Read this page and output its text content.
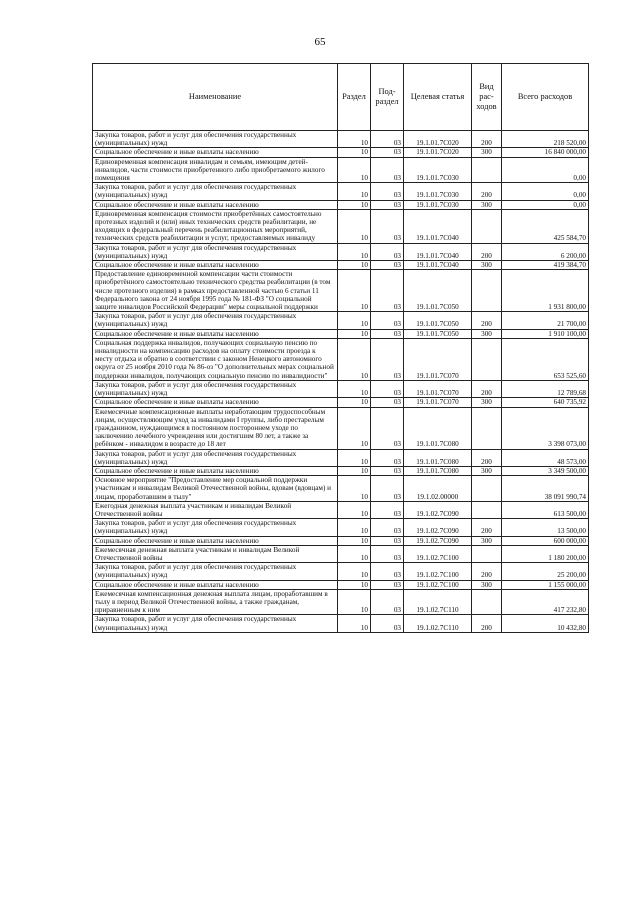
65
Наименование	Раздел	Под-раздел	Целевая статья	Вид рас-ходов	Всего расходов
Закупка товаров, работ и услуг для обеспечения государственных (муниципальных) нужд	10	03	19.1.01.7С020	200	218 520,00
Социальное обеспечение и иные выплаты населению	10	03	19.1.01.7С020	300	16 840 000,00
Единовременная компенсация инвалидам и семьям, имеющим детей-инвалидов, части стоимости приобретенного либо приобретаемого жилого помещения	10	03	19.1.01.7С030		0,00
Закупка товаров, работ и услуг для обеспечения государственных (муниципальных) нужд	10	03	19.1.01.7С030	200	0,00
Социальное обеспечение и иные выплаты населению	10	03	19.1.01.7С030	300	0,00
Единовременная компенсация стоимости приобретённых самостоятельно протезных изделий и (или) иных технических средств реабилитации, не входящих в федеральный перечень реабилитационных мероприятий, технических средств реабилитации и услуг, предоставляемых инвалиду	10	03	19.1.01.7С040		425 584,70
Закупка товаров, работ и услуг для обеспечения государственных (муниципальных) нужд	10	03	19.1.01.7С040	200	6 200,00
Социальное обеспечение и иные выплаты населению	10	03	19.1.01.7С040	300	419 384,70
Предоставление единовременной компенсации части стоимости приобретённого самостоятельно технического средства реабилитации (в том числе протезного изделия) в рамках предоставленной частью 6 статьи 11 Федерального закона от 24 ноября 1995 года № 181-ФЗ "О социальной защите инвалидов Российской Федерации" меры социальной поддержки	10	03	19.1.01.7С050		1 931 800,00
Закупка товаров, работ и услуг для обеспечения государственных (муниципальных) нужд	10	03	19.1.01.7С050	200	21 700,00
Социальное обеспечение и иные выплаты населению	10	03	19.1.01.7С050	300	1 910 100,00
Социальная поддержка инвалидов, получающих социальную пенсию по инвалидности на компенсацию расходов на оплату стоимости проезда к месту отдыха и обратно в соответствии с законом Ненецкого автономного округа от 25 ноября 2010 года № 86-оз "О дополнительных мерах социальной поддержки инвалидов, получающих социальную пенсию по инвалидности"	10	03	19.1.01.7С070		653 525,60
Закупка товаров, работ и услуг для обеспечения государственных (муниципальных) нужд	10	03	19.1.01.7С070	200	12 789,68
Социальное обеспечение и иные выплаты населению	10	03	19.1.01.7С070	300	640 735,92
Ежемесячные компенсационные выплаты неработающим трудоспособным лицам, осуществляющим уход за инвалидами I группы, либо престарелым гражданином, нуждающимся в постоянном постороннем уходе по заключению лечебного учреждения или достигшим 80 лет, а также за ребёнком - инвалидом в возрасте до 18 лет	10	03	19.1.01.7С080		3 398 073,00
Закупка товаров, работ и услуг для обеспечения государственных (муниципальных) нужд	10	03	19.1.01.7С080	200	48 573,00
Социальное обеспечение и иные выплаты населению	10	03	19.1.01.7С080	300	3 349 500,00
Основное мероприятие "Предоставление мер социальной поддержки участникам и инвалидам Великой Отечественной войны, вдовам (вдовцам) и лицам, проработавшим в тылу"	10	03	19.1.02.00000		38 091 990,74
Ежегодная денежная выплата участникам и инвалидам Великой Отечественной войны	10	03	19.1.02.7С090		613 500,00
Закупка товаров, работ и услуг для обеспечения государственных (муниципальных) нужд	10	03	19.1.02.7С090	200	13 500,00
Социальное обеспечение и иные выплаты населению	10	03	19.1.02.7С090	300	600 000,00
Ежемесячная денежная выплата участникам и инвалидам Великой Отечественной войны	10	03	19.1.02.7С100		1 180 200,00
Закупка товаров, работ и услуг для обеспечения государственных (муниципальных) нужд	10	03	19.1.02.7С100	200	25 200,00
Социальное обеспечение и иные выплаты населению	10	03	19.1.02.7С100	300	1 155 000,00
Ежемесячная компенсационная денежная выплата лицам, проработавшим в тылу в период Великой Отечественной войны, а также гражданам, приравненным к ним	10	03	19.1.02.7С110		417 232,80
Закупка товаров, работ и услуг для обеспечения государственных (муниципальных) нужд	10	03	19.1.02.7С110	200	10 432,80
